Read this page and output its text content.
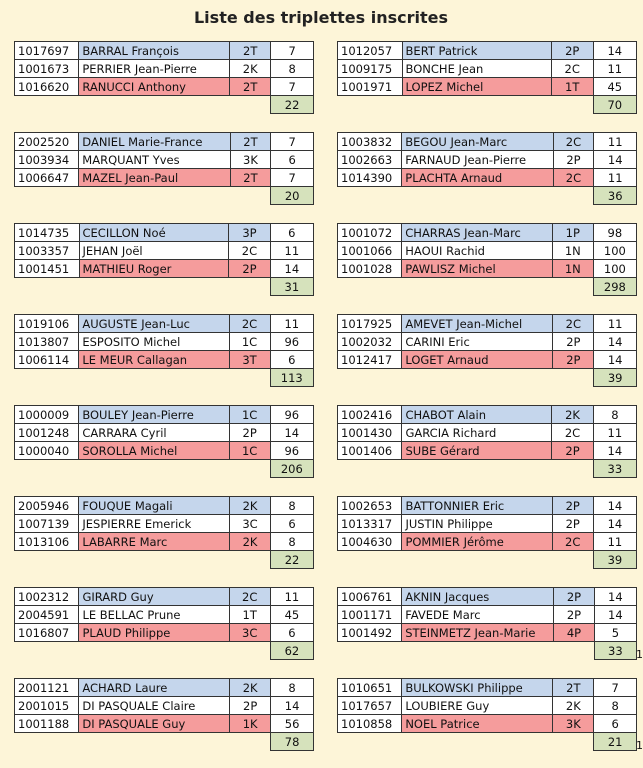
Liste des triplettes inscrites
1017697	BARRAL François	2T	7
1001673	PERRIER Jean-Pierre	2K	8
1016620	RANUCCI Anthony	2T	7
			22
1012057	BERT Patrick	2P	14
1009175	BONCHE Jean	2C	11
1001971	LOPEZ Michel	1T	45
			70
2002520	DANIEL Marie-France	2T	7
1003934	MARQUANT Yves	3K	6
1006647	MAZEL Jean-Paul	2T	7
			20
1003832	BEGOU Jean-Marc	2C	11
1002663	FARNAUD Jean-Pierre	2P	14
1014390	PLACHTA Arnaud	2C	11
			36
1014735	CECILLON Noé	3P	6
1003357	JEHAN Joël	2C	11
1001451	MATHIEU Roger	2P	14
			31
1001072	CHARRAS Jean-Marc	1P	98
1001066	HAOUI Rachid	1N	100
1001028	PAWLISZ Michel	1N	100
			298
1019106	AUGUSTE Jean-Luc	2C	11
1013807	ESPOSITO Michel	1C	96
1006114	LE MEUR Callagan	3T	6
			113
1017925	AMEVET Jean-Michel	2C	11
1002032	CARINI Eric	2P	14
1012417	LOGET Arnaud	2P	14
			39
1000009	BOULEY Jean-Pierre	1C	96
1001248	CARRARA Cyril	2P	14
1000040	SOROLLA Michel	1C	96
			206
1002416	CHABOT Alain	2K	8
1001430	GARCIA Richard	2C	11
1001406	SUBE Gérard	2P	14
			33
2005946	FOUQUE Magali	2K	8
1007139	JESPIERRE Emerick	3C	6
1013106	LABARRE Marc	2K	8
			22
1002653	BATTONNIER Eric	2P	14
1013317	JUSTIN Philippe	2P	14
1004630	POMMIER Jérôme	2C	11
			39
1002312	GIRARD Guy	2C	11
2004591	LE BELLAC Prune	1T	45
1016807	PLAUD Philippe	3C	6
			62
1006761	AKNIN Jacques	2P	14
1001171	FAVEDE Marc	2P	14
1001492	STEINMETZ Jean-Marie	4P	5
			33
2001121	ACHARD Laure	2K	8
2001015	DI PASQUALE Claire	2P	14
1001188	DI PASQUALE Guy	1K	56
			78
1010651	BULKOWSKI Philippe	2T	7
1017657	LOUBIERE Guy	2K	8
1010858	NOEL Patrice	3K	6
			21
1
1
